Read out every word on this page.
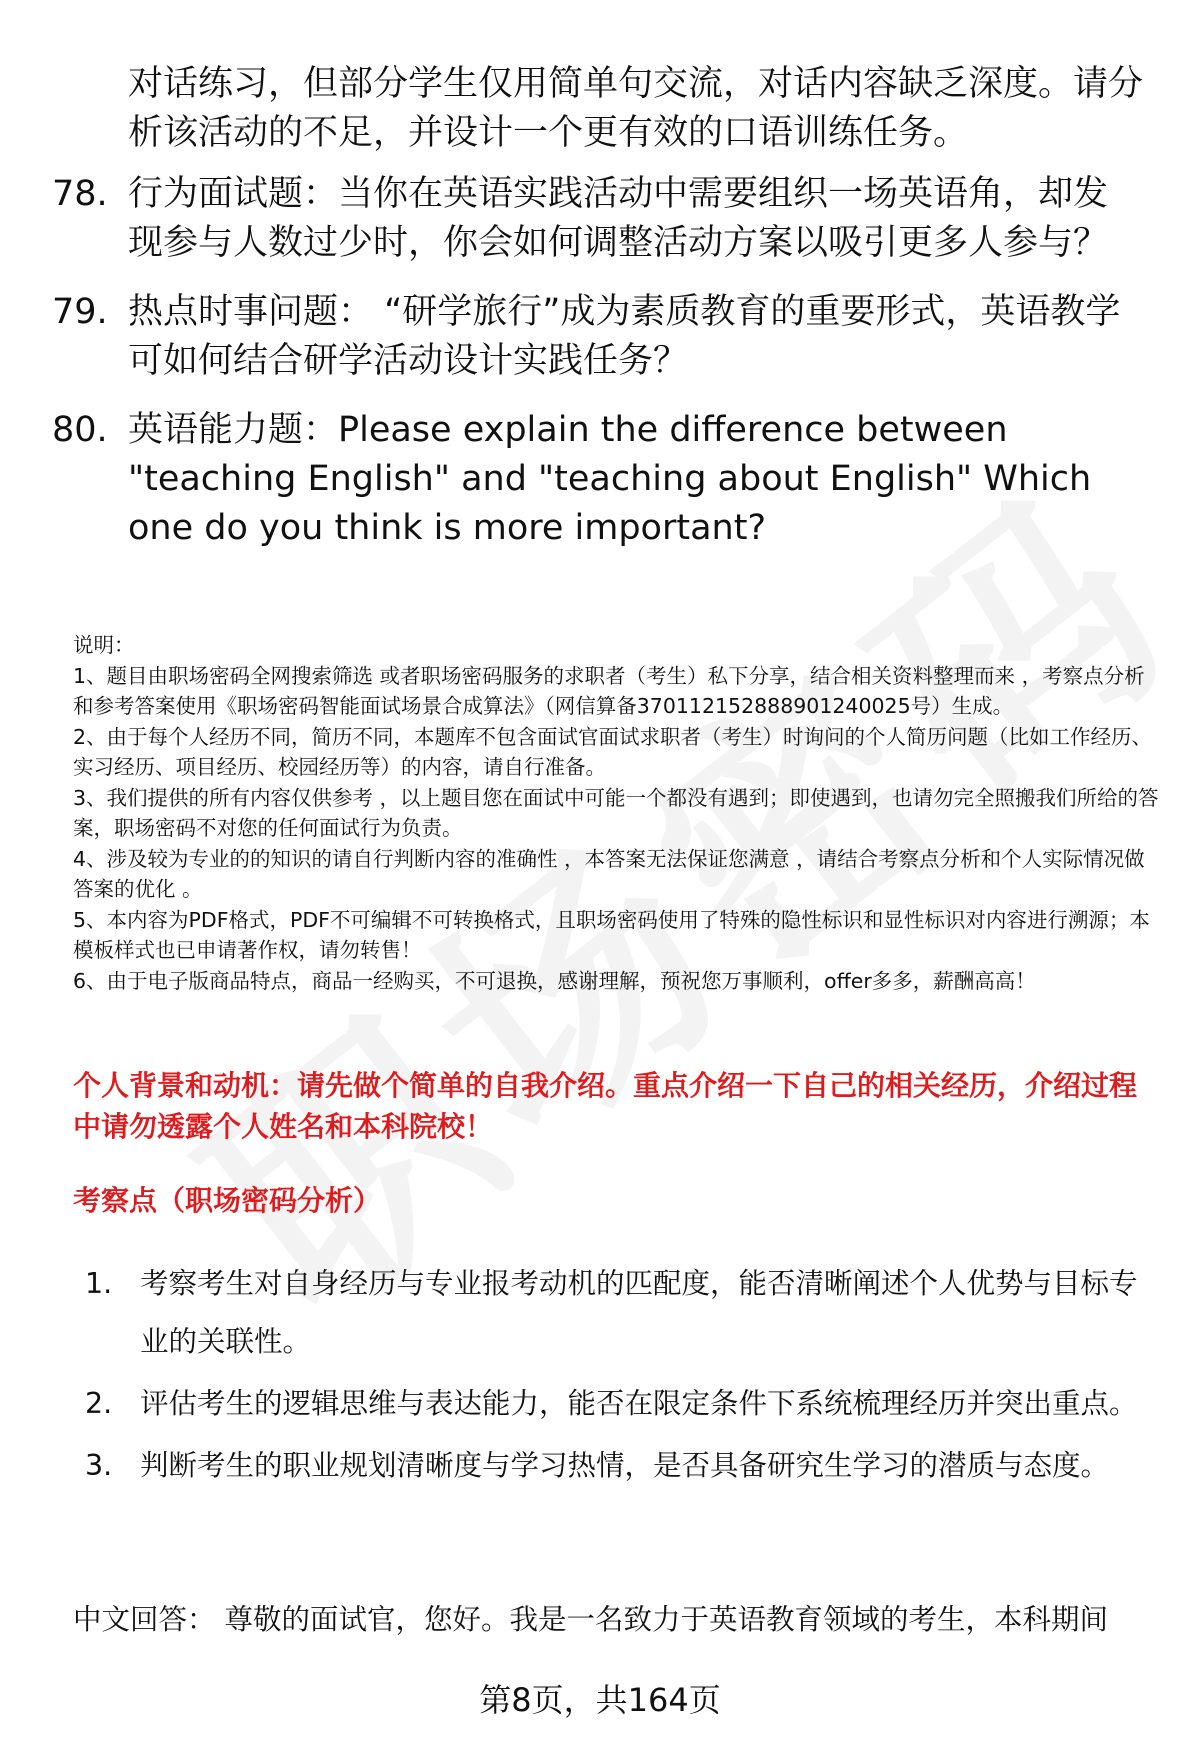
对话练习，但部分学生仅用简单句交流，对话内容缺乏深度。请分析该活动的不足，并设计一个更有效的口语训练任务。
78. 行为面试题：当你在英语实践活动中需要组织一场英语角，却发现参与人数过少时，你会如何调整活动方案以吸引更多人参与？
79. 热点时事问题： “研学旅行”成为素质教育的重要形式，英语教学可如何结合研学活动设计实践任务？
80. 英语能力题：Please explain the difference between "teaching English" and "teaching about English" Which one do you think is more important?

说明：

1、题目由职场密码全网搜索筛选 或者职场密码服务的求职者（考生）私下分享，结合相关资料整理而来 ，考察点分析和参考答案使用《职场密码智能面试场景合成算法》（网信算备370112152888901240025号）生成。

2、由于每个人经历不同，简历不同，本题库不包含面试官面试求职者（考生）时询问的个人简历问题（比如工作经历、实习经历、项目经历、校园经历等）的内容，请自行准备。

3、我们提供的所有内容仅供参考 ，以上题目您在面试中可能一个都没有遇到；即使遇到，也请勿完全照搬我们所给的答案，职场密码不对您的任何面试行为负责。

4、涉及较为专业的的知识的请自行判断内容的准确性 ，本答案无法保证您满意 ，请结合考察点分析和个人实际情况做答案的优化 。

5、本内容为PDF格式，PDF不可编辑不可转换格式，且职场密码使用了特殊的隐性标识和显性标识对内容进行溯源；本模板样式也已申请著作权，请勿转售！

6、由于电子版商品特点，商品一经购买，不可退换，感谢理解，预祝您万事顺利，offer多多，薪酬高高！

个人背景和动机：请先做个简单的自我介绍。重点介绍一下自己的相关经历，介绍过程中请勿透露个人姓名和本科院校！
考察点（职场密码分析）
1. 考察考生对自身经历与专业报考动机的匹配度，能否清晰阐述个人优势与目标专业的关联性。
2. 评估考生的逻辑思维与表达能力，能否在限定条件下系统梳理经历并突出重点。
3. 判断考生的职业规划清晰度与学习热情，是否具备研究生学习的潜质与态度。
中文回答： 尊敬的面试官，您好。我是一名致力于英语教育领域的考生，本科期间
第8页，共164页
